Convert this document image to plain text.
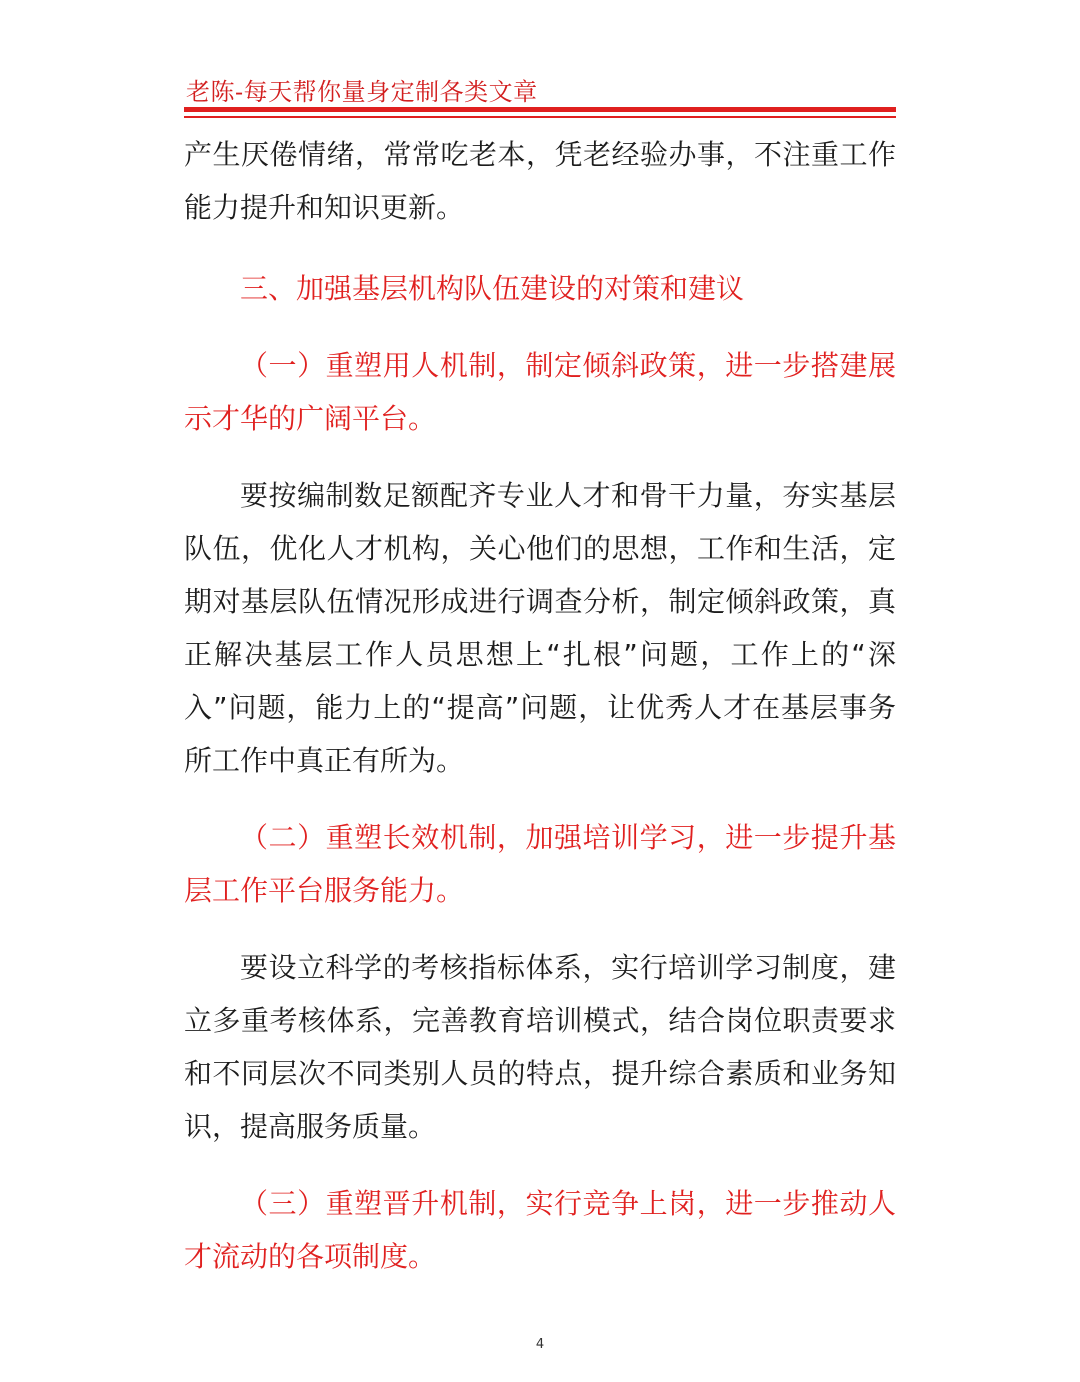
老陈-每天帮你量身定制各类文章

产生厌倦情绪，常常吃老本，凭老经验办事，不注重工作能力提升和知识更新。

三、加强基层机构队伍建设的对策和建议

（一）重塑用人机制，制定倾斜政策，进一步搭建展示才华的广阔平台。

要按编制数足额配齐专业人才和骨干力量，夯实基层队伍，优化人才机构，关心他们的思想，工作和生活，定期对基层队伍情况形成进行调查分析，制定倾斜政策，真正解决基层工作人员思想上“扎根”问题，工作上的“深入”问题，能力上的“提高”问题，让优秀人才在基层事务所工作中真正有所为。

（二）重塑长效机制，加强培训学习，进一步提升基层工作平台服务能力。

要设立科学的考核指标体系，实行培训学习制度，建立多重考核体系，完善教育培训模式，结合岗位职责要求和不同层次不同类别人员的特点，提升综合素质和业务知识，提高服务质量。

（三）重塑晋升机制，实行竞争上岗，进一步推动人才流动的各项制度。

4
